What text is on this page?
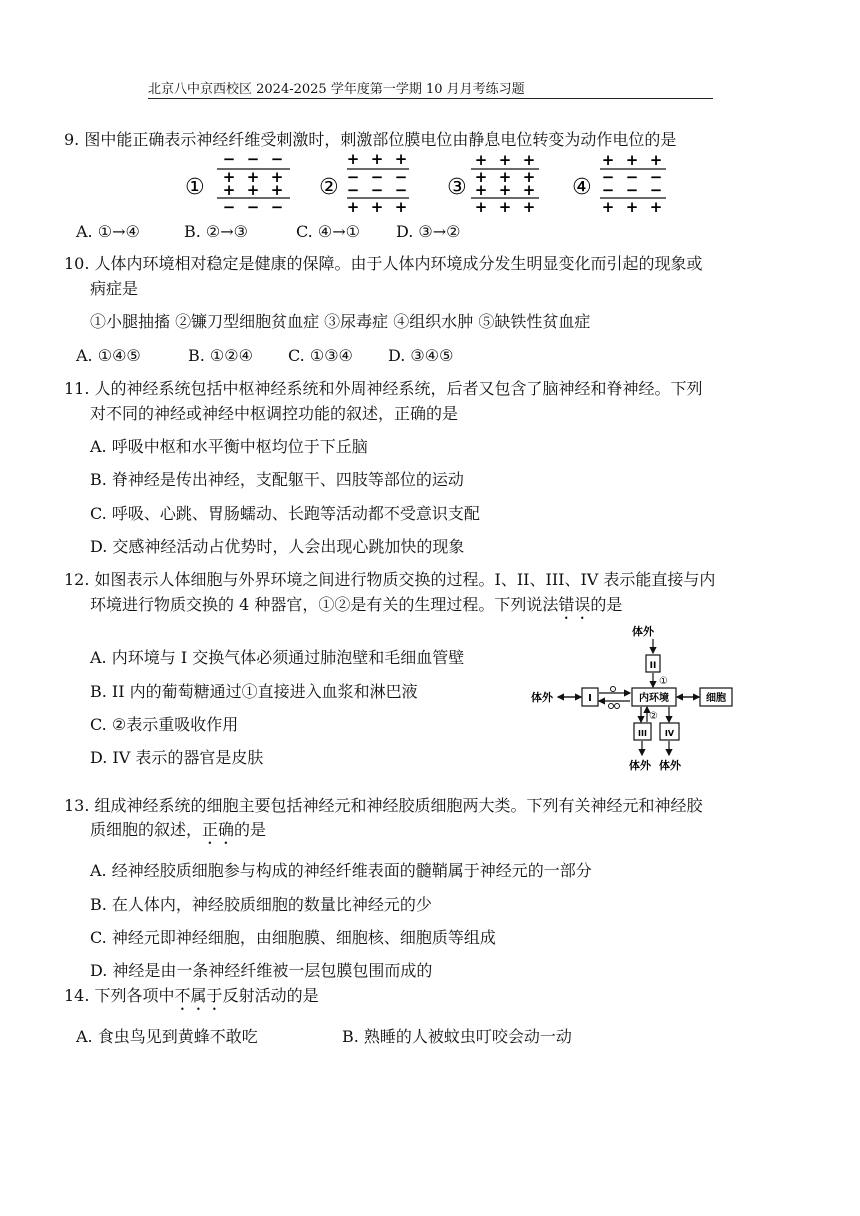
北京八中京西校区 2024-2025 学年度第一学期 10 月月考练习题
9. 图中能正确表示神经纤维受刺激时，刺激部位膜电位由静息电位转变为动作电位的是
①
− − −
+ + +
+ + +
− − −
②
+ + +
− − −
− − −
+ + +
③
+ + +
+ + +
+ + +
+ + +
④
+ + +
− − −
− − −
+ + +
A. ①→④	B. ②→③	C. ④→① D. ③→②
10. 人体内环境相对稳定是健康的保障。由于人体内环境成分发生明显变化而引起的现象或
病症是
①小腿抽搐 ②镰刀型细胞贫血症 ③尿毒症 ④组织水肿 ⑤缺铁性贫血症
A. ①④⑤	B. ①②④ C. ①③④ D. ③④⑤
11. 人的神经系统包括中枢神经系统和外周神经系统，后者又包含了脑神经和脊神经。下列
对不同的神经或神经中枢调控功能的叙述，正确的是
A. 呼吸中枢和水平衡中枢均位于下丘脑
B. 脊神经是传出神经，支配躯干、四肢等部位的运动
C. 呼吸、心跳、胃肠蠕动、长跑等活动都不受意识支配
D. 交感神经活动占优势时，人会出现心跳加快的现象
12. 如图表示人体细胞与外界环境之间进行物质交换的过程。I、II、III、IV 表示能直接与内
环境进行物质交换的 4 种器官，①②是有关的生理过程。下列说法错误的是
A. 内环境与 I 交换气体必须通过肺泡壁和毛细血管壁
B. II 内的葡萄糖通过①直接进入血浆和淋巴液
C. ②表示重吸收作用
D. IV 表示的器官是皮肤
体外
II
①
体外	I	内环境	细胞
②
III IV
体外 体外
13. 组成神经系统的细胞主要包括神经元和神经胶质细胞两大类。下列有关神经元和神经胶
质细胞的叙述，正确的是
A. 经神经胶质细胞参与构成的神经纤维表面的髓鞘属于神经元的一部分
B. 在人体内，神经胶质细胞的数量比神经元的少
C. 神经元即神经细胞，由细胞膜、细胞核、细胞质等组成
D. 神经是由一条神经纤维被一层包膜包围而成的
14. 下列各项中不属于反射活动的是
A. 食虫鸟见到黄蜂不敢吃	B. 熟睡的人被蚊虫叮咬会动一动
